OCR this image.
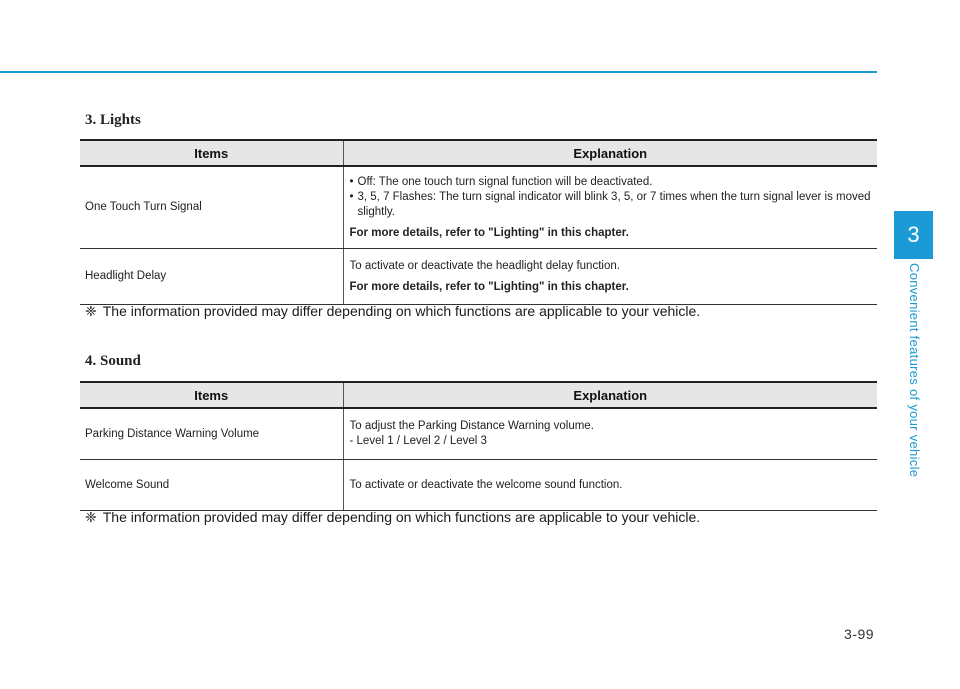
3. Lights
Items	Explanation
One Touch Turn Signal	• Off: The one touch turn signal function will be deactivated.
• 3, 5, 7 Flashes: The turn signal indicator will blink 3, 5, or 7 times when the turn signal lever is moved slightly.
For more details, refer to "Lighting" in this chapter.

Headlight Delay	To activate or deactivate the headlight delay function.
For more details, refer to "Lighting" in this chapter.

❈ The information provided may differ depending on which functions are applicable to your vehicle.

4. Sound
Items	Explanation
Parking Distance Warning Volume	To adjust the Parking Distance Warning volume.
- Level 1 / Level 2 / Level 3

Welcome Sound	To activate or deactivate the welcome sound function.

❈ The information provided may differ depending on which functions are applicable to your vehicle.

3
Convenient features of your vehicle
3-99
